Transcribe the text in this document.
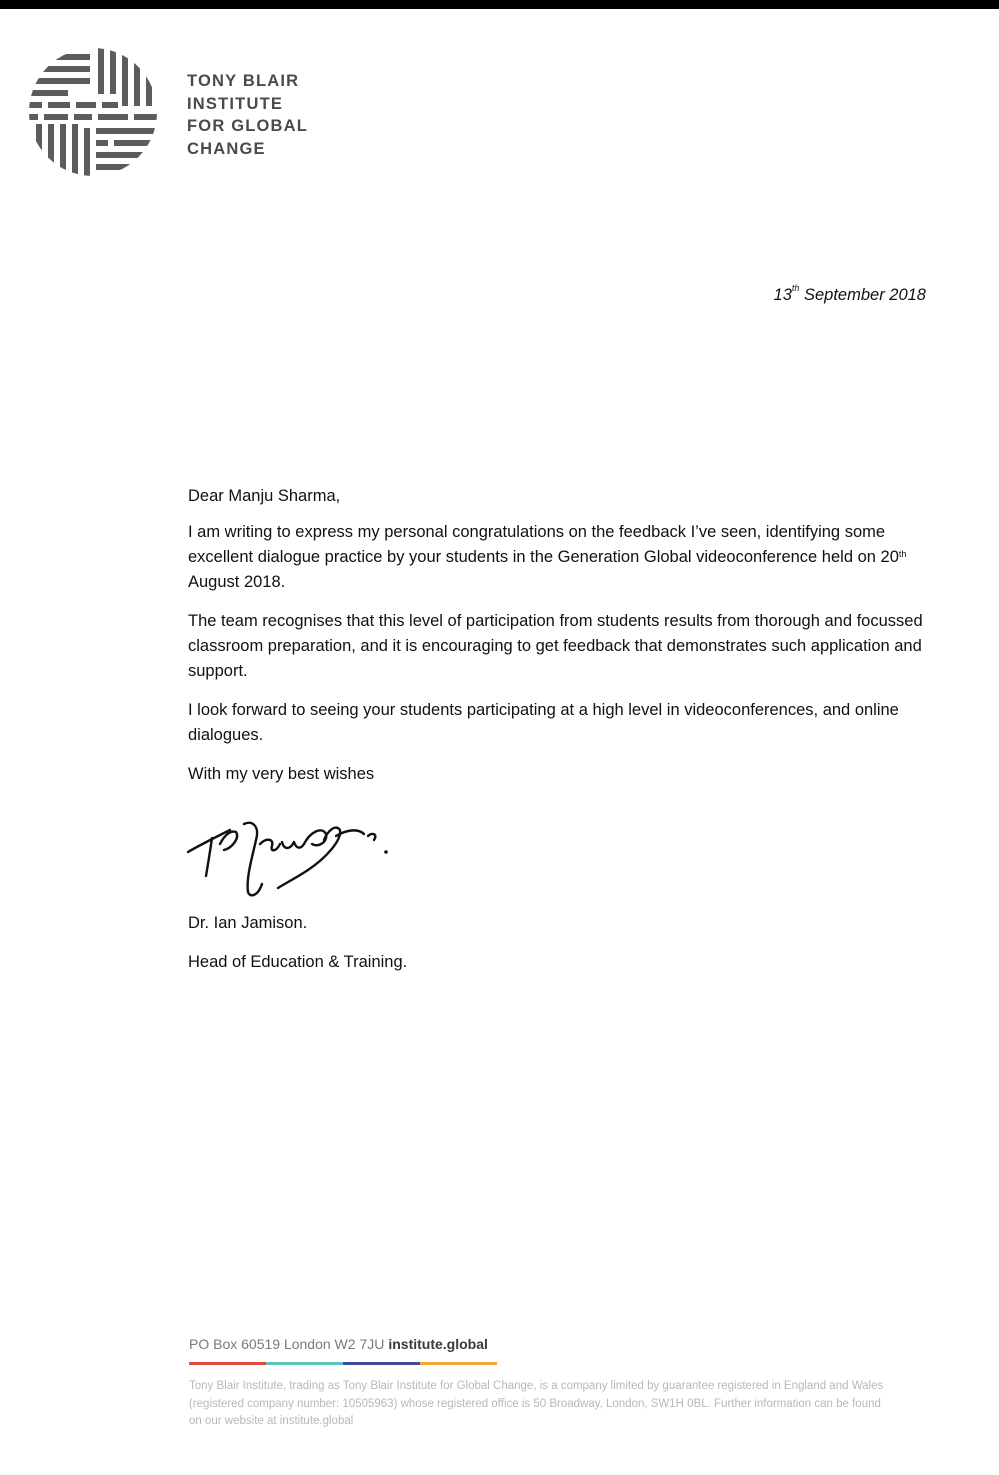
TONY BLAIR
INSTITUTE
FOR GLOBAL
CHANGE
13th September 2018

Dear Manju Sharma,

I am writing to express my personal congratulations on the feedback I’ve seen, identifying some excellent dialogue practice by your students in the Generation Global videoconference held on 20th August 2018.

The team recognises that this level of participation from students results from thorough and focussed classroom preparation, and it is encouraging to get feedback that demonstrates such application and support.

I look forward to seeing your students participating at a high level in videoconferences, and online dialogues.

With my very best wishes

Dr. Ian Jamison.
Head of Education & Training.
PO Box 60519 London W2 7JU institute.global
Tony Blair Institute, trading as Tony Blair Institute for Global Change, is a company limited by guarantee registered in England and Wales (registered company number: 10505963) whose registered office is 50 Broadway, London, SW1H 0BL. Further information can be found on our website at institute.global
